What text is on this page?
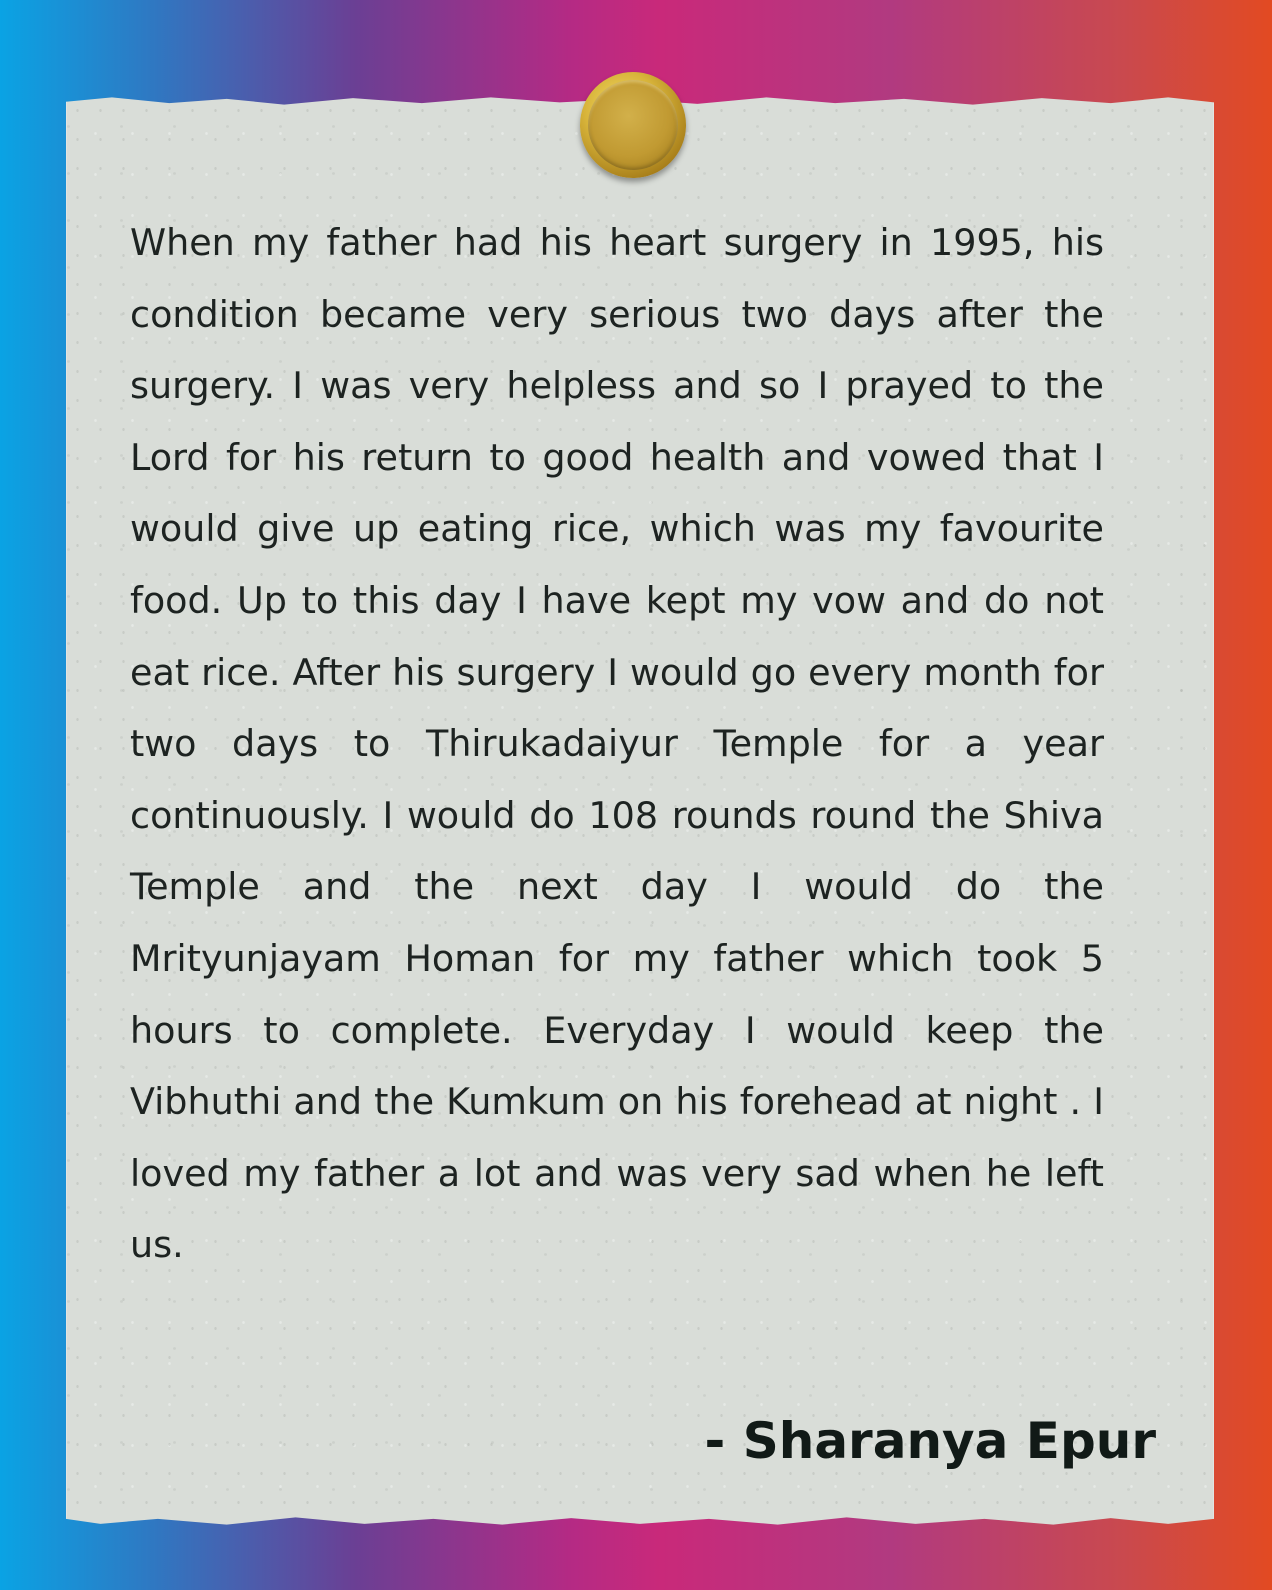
When my father had his heart surgery in 1995, his condition became very serious two days after the surgery. I was very helpless and so I prayed to the Lord for his return to good health and vowed that I would give up eating rice, which was my favourite food. Up to this day I have kept my vow and do not eat rice. After his surgery I would go every month for two days to Thirukadaiyur Temple for a year continuously. I would do 108 rounds round the Shiva Temple and the next day I would do the Mrityunjayam Homan for my father which took 5 hours to complete. Everyday I would keep the Vibhuthi and the Kumkum on his forehead at night . I loved my father a lot and was very sad when he left us.

- Sharanya Epur
